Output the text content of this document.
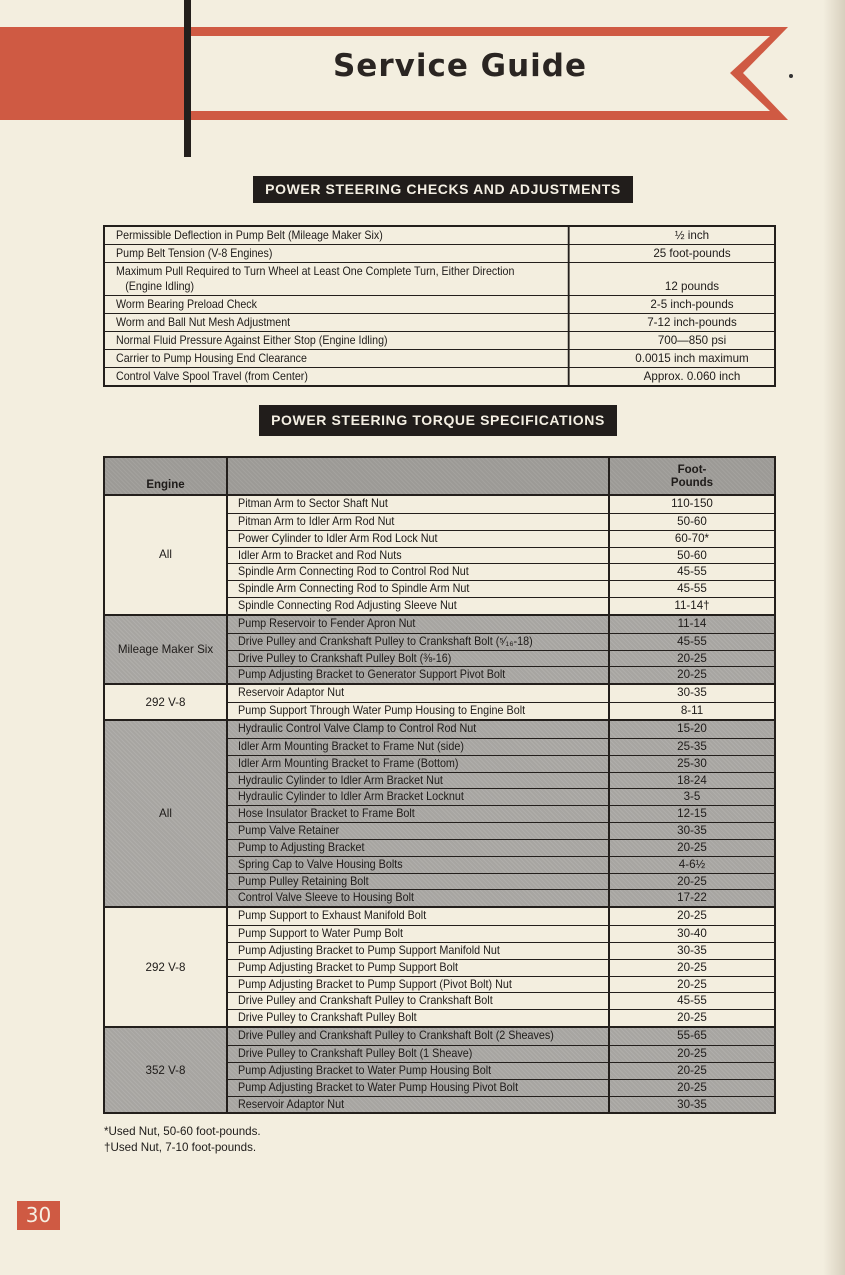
Service Guide
POWER STEERING CHECKS AND ADJUSTMENTS
Permissible Deflection in Pump Belt (Mileage Maker Six)	½ inch
Pump Belt Tension (V-8 Engines)	25 foot-pounds
Maximum Pull Required to Turn Wheel at Least One Complete Turn, Either Direction
(Engine Idling)	12 pounds
Worm Bearing Preload Check	2-5 inch-pounds
Worm and Ball Nut Mesh Adjustment	7-12 inch-pounds
Normal Fluid Pressure Against Either Stop (Engine Idling)	700—850 psi
Carrier to Pump Housing End Clearance	0.0015 inch maximum
Control Valve Spool Travel (from Center)	Approx. 0.060 inch
POWER STEERING TORQUE SPECIFICATIONS
Engine
Foot-
Pounds
All
Pitman Arm to Sector Shaft Nut	110-150
Pitman Arm to Idler Arm Rod Nut	50-60
Power Cylinder to Idler Arm Rod Lock Nut	60-70*
Idler Arm to Bracket and Rod Nuts	50-60
Spindle Arm Connecting Rod to Control Rod Nut	45-55
Spindle Arm Connecting Rod to Spindle Arm Nut	45-55
Spindle Connecting Rod Adjusting Sleeve Nut	11-14†
Mileage Maker Six
Pump Reservoir to Fender Apron Nut	11-14
Drive Pulley and Crankshaft Pulley to Crankshaft Bolt (⁵⁄₁₆-18)	45-55
Drive Pulley to Crankshaft Pulley Bolt (⅜-16)	20-25
Pump Adjusting Bracket to Generator Support Pivot Bolt	20-25
292 V-8
Reservoir Adaptor Nut	30-35
Pump Support Through Water Pump Housing to Engine Bolt	8-11
All
Hydraulic Control Valve Clamp to Control Rod Nut	15-20
Idler Arm Mounting Bracket to Frame Nut (side)	25-35
Idler Arm Mounting Bracket to Frame (Bottom)	25-30
Hydraulic Cylinder to Idler Arm Bracket Nut	18-24
Hydraulic Cylinder to Idler Arm Bracket Locknut	3-5
Hose Insulator Bracket to Frame Bolt	12-15
Pump Valve Retainer	30-35
Pump to Adjusting Bracket	20-25
Spring Cap to Valve Housing Bolts	4-6½
Pump Pulley Retaining Bolt	20-25
Control Valve Sleeve to Housing Bolt	17-22
292 V-8
Pump Support to Exhaust Manifold Bolt	20-25
Pump Support to Water Pump Bolt	30-40
Pump Adjusting Bracket to Pump Support Manifold Nut	30-35
Pump Adjusting Bracket to Pump Support Bolt	20-25
Pump Adjusting Bracket to Pump Support (Pivot Bolt) Nut	20-25
Drive Pulley and Crankshaft Pulley to Crankshaft Bolt	45-55
Drive Pulley to Crankshaft Pulley Bolt	20-25
352 V-8
Drive Pulley and Crankshaft Pulley to Crankshaft Bolt (2 Sheaves)	55-65
Drive Pulley to Crankshaft Pulley Bolt (1 Sheave)	20-25
Pump Adjusting Bracket to Water Pump Housing Bolt	20-25
Pump Adjusting Bracket to Water Pump Housing Pivot Bolt	20-25
Reservoir Adaptor Nut	30-35
*Used Nut, 50-60 foot-pounds.
†Used Nut, 7-10 foot-pounds.
30
